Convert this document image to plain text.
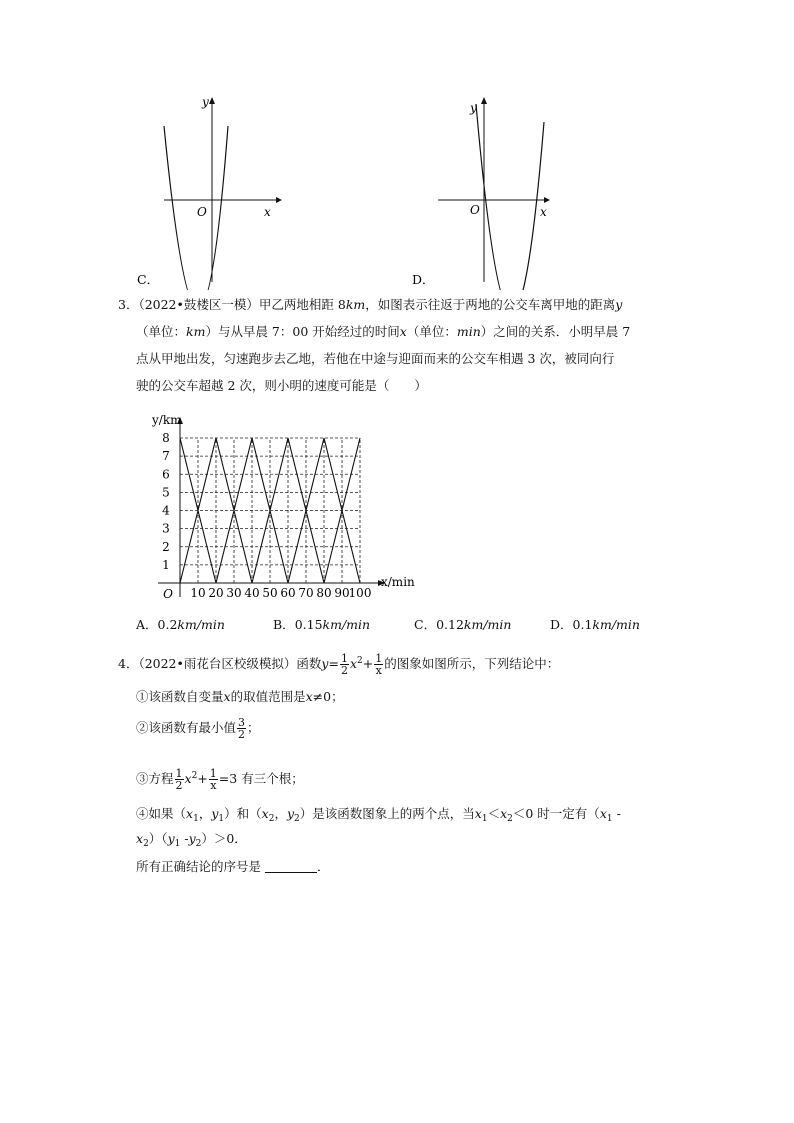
y
x
O
C．
y
x
O
D．
3．（2022•鼓楼区一模）甲乙两地相距 8km，如图表示往返于两地的公交车离甲地的距离y
（单位：km）与从早晨 7：00 开始经过的时间x（单位：min）之间的关系．小明早晨 7
点从甲地出发，匀速跑步去乙地，若他在中途与迎面而来的公交车相遇 3 次，被同向行
驶的公交车超越 2 次，则小明的速度可能是（　　）
10 20 30 40 50 60 70 80 90
100
1
2
3
4
5
6
7
8
O
x/min
y/km
A．0.2km/min	B．0.15km/min	C．0.12km/min	D．0.1km/min
4．（2022•雨花台区校级模拟）函数$y= \frac{1}{2} x^2+ \frac{1}{x}$ 的图象如图所示，下列结论中：
①该函数自变量x的取值范围是x≠0；
②该函数有最小值 $\frac{3}{2}$ ；
③方程 $\frac{1}{2} x^2+ \frac{1}{x} =3$ 有三个根；
④如果（$x_1$，$y_1$）和（$x_2$，$y_2$）是该函数图象上的两个点，当$x_1<x_2<0$ 时一定有（$x_1$ -
$x_2)(y_1$ $-y_2)>0$．
所有正确结论的序号是	．
